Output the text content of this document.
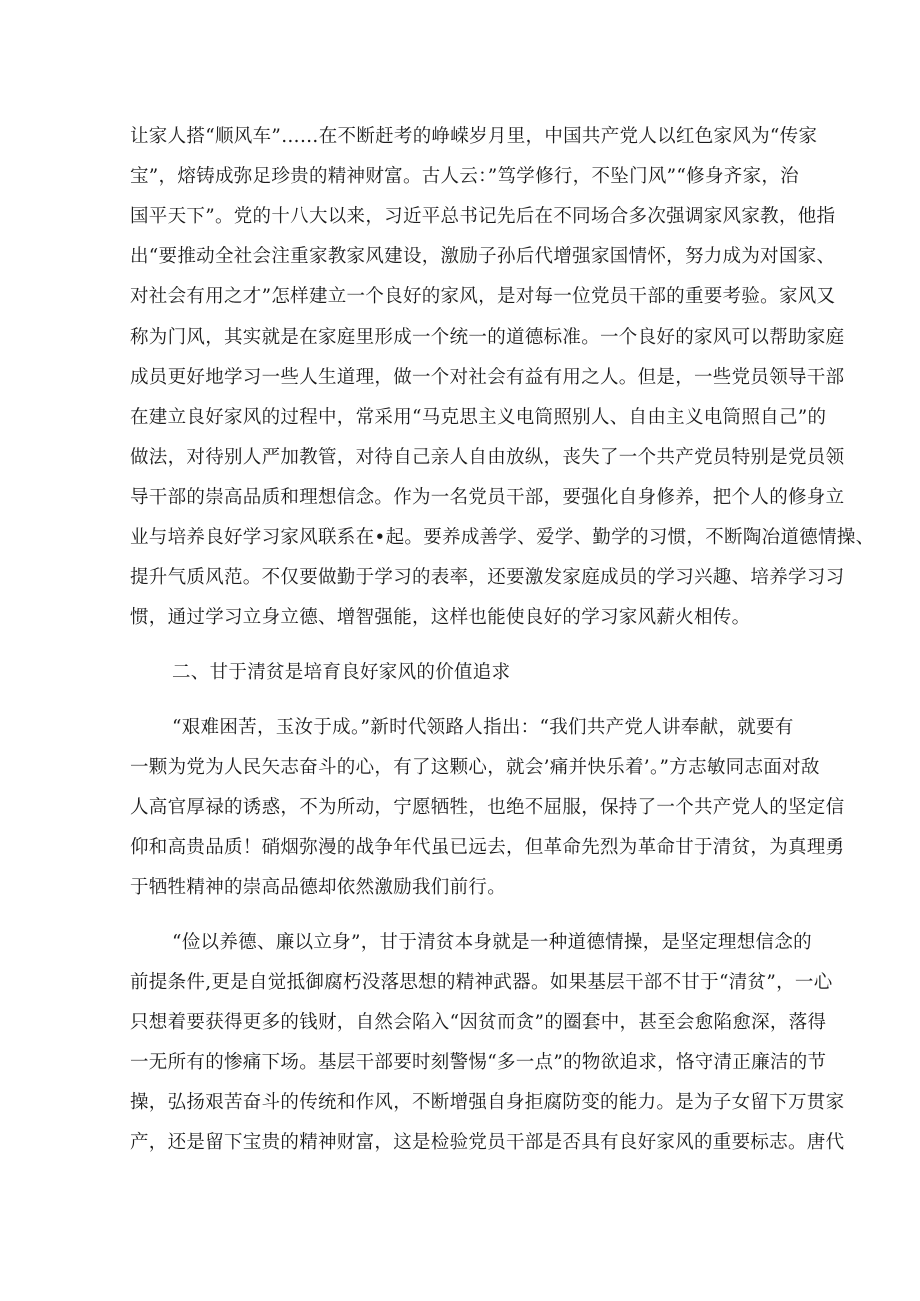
让家人搭“顺风车”……在不断赶考的峥嵘岁月里，中国共产党人以红色家风为“传家
宝”，熔铸成弥足珍贵的精神财富。古人云：”笃学修行，不坠门风”“修身齐家，治
国平天下”。党的十八大以来，习近平总书记先后在不同场合多次强调家风家教，他指
出“要推动全社会注重家教家风建设，激励子孙后代增强家国情怀，努力成为对国家、
对社会有用之才”怎样建立一个良好的家风，是对每一位党员干部的重要考验。家风又
称为门风，其实就是在家庭里形成一个统一的道德标准。一个良好的家风可以帮助家庭
成员更好地学习一些人生道理，做一个对社会有益有用之人。但是，一些党员领导干部
在建立良好家风的过程中，常采用“马克思主义电筒照别人、自由主义电筒照自己”的
做法，对待别人严加教管，对待自己亲人自由放纵，丧失了一个共产党员特别是党员领
导干部的崇高品质和理想信念。作为一名党员干部，要强化自身修养，把个人的修身立
业与培养良好学习家风联系在•起。要养成善学、爱学、勤学的习惯，不断陶冶道德情操、
提升气质风范。不仅要做勤于学习的表率，还要激发家庭成员的学习兴趣、培养学习习
惯，通过学习立身立德、增智强能，这样也能使良好的学习家风薪火相传。
二、甘于清贫是培育良好家风的价值追求
“艰难困苦，玉汝于成。”新时代领路人指出：“我们共产党人讲奉献，就要有
一颗为党为人民矢志奋斗的心，有了这颗心，就会’痛并快乐着’。”方志敏同志面对敌
人高官厚禄的诱惑，不为所动，宁愿牺牲，也绝不屈服，保持了一个共产党人的坚定信
仰和高贵品质！硝烟弥漫的战争年代虽已远去，但革命先烈为革命甘于清贫，为真理勇
于牺牲精神的崇高品德却依然激励我们前行。
“俭以养德、廉以立身”，甘于清贫本身就是一种道德情操，是坚定理想信念的
前提条件,更是自觉抵御腐朽没落思想的精神武器。如果基层干部不甘于“清贫”，一心
只想着要获得更多的钱财，自然会陷入“因贫而贪”的圈套中，甚至会愈陷愈深，落得
一无所有的惨痛下场。基层干部要时刻警惕“多一点”的物欲追求，恪守清正廉洁的节
操，弘扬艰苦奋斗的传统和作风，不断增强自身拒腐防变的能力。是为子女留下万贯家
产，还是留下宝贵的精神财富，这是检验党员干部是否具有良好家风的重要标志。唐代
